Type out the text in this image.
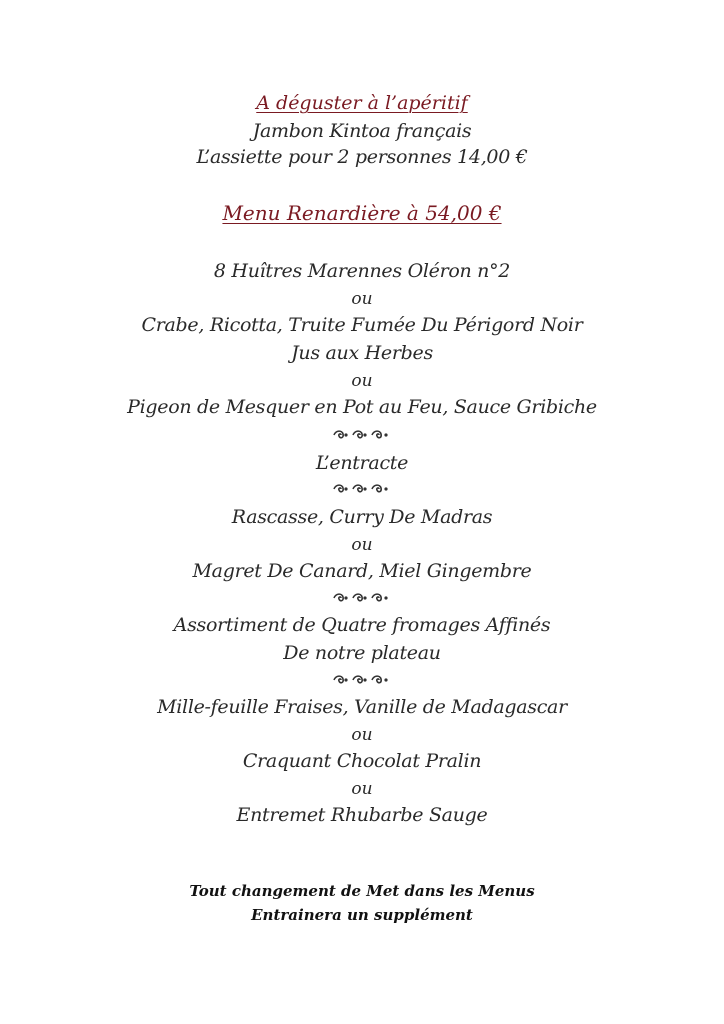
A déguster à l’apéritif
Jambon Kintoa français
L’assiette pour 2 personnes 14,00 €
Menu Renardière à 54,00 €
8 Huîtres Marennes Oléron n°2
ou
Crabe, Ricotta, Truite Fumée Du Périgord Noir
Jus aux Herbes
ou
Pigeon de Mesquer en Pot au Feu, Sauce Gribiche
L’entracte
Rascasse, Curry De Madras
ou
Magret De Canard, Miel Gingembre
Assortiment de Quatre fromages Affinés
De notre plateau
Mille-feuille Fraises, Vanille de Madagascar
ou
Craquant Chocolat Pralin
ou
Entremet Rhubarbe Sauge
Tout changement de Met dans les Menus
Entrainera un supplément
